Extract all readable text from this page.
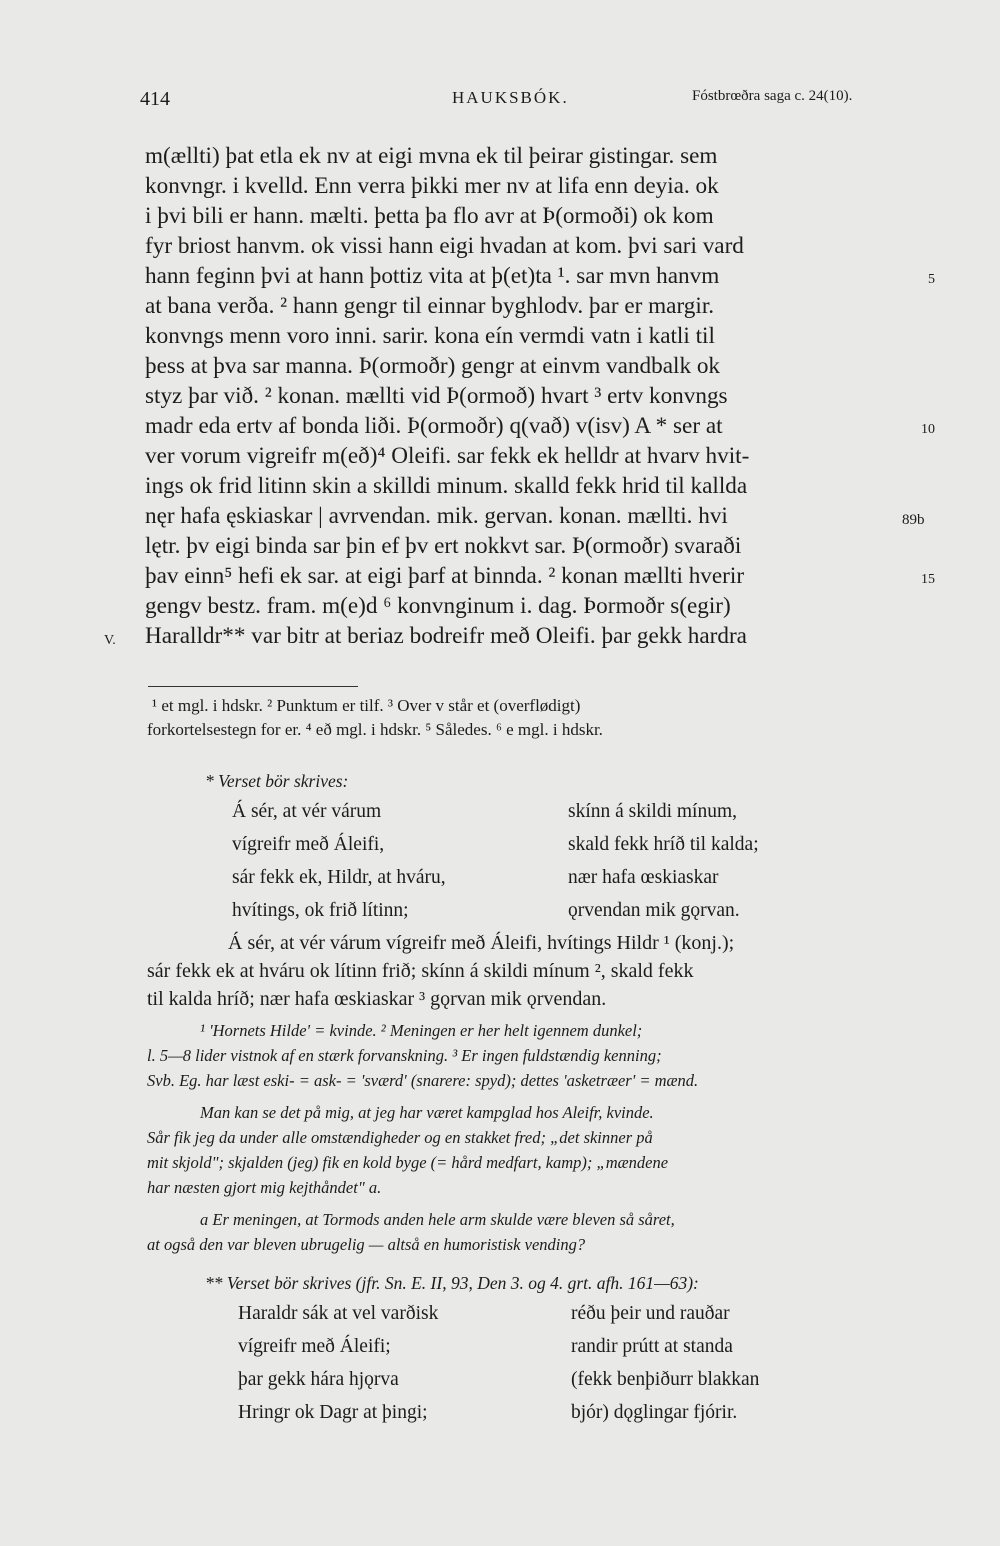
414	HAUKSBÓK.	Fóstbrœðra saga c. 24(10).
m(ællti) þat etla ek nv at eigi mvna ek til þeirar gistingar. sem
konvngr. i kvelld. Enn verra þikki mer nv at lifa enn deyia. ok
i þvi bili er hann. mælti. þetta þa flo avr at Þ(ormoði) ok kom
fyr briost hanvm. ok vissi hann eigi hvadan at kom. þvi sari vard
hann feginn þvi at hann þottiz vita at þ(et)ta ¹. sar mvn hanvm
at bana verða. ² hann gengr til einnar byghlodv. þar er margir.
konvngs menn voro inni. sarir. kona eín vermdi vatn i katli til
þess at þva sar manna. Þ(ormoðr) gengr at einvm vandbalk ok
styz þar við. ² konan. mællti vid Þ(ormoð) hvart ³ ertv konvngs
madr eda ertv af bonda liði. Þ(ormoðr) q(vað) v(isv) A * ser at
ver vorum vigreifr m(eð)⁴ Oleifi. sar fekk ek helldr at hvarv hvit-
ings ok frid litinn skin a skilldi minum. skalld fekk hrid til kallda
nęr hafa ęskiaskar | avrvendan. mik. gervan. konan. mællti. hvi
lętr. þv eigi binda sar þin ef þv ert nokkvt sar. Þ(ormoðr) svaraði
þav einn⁵ hefi ek sar. at eigi þarf at binnda. ² konan mællti hverir
gengv bestz. fram. m(e)d ⁶ konvnginum i. dag. Þormoðr s(egir)
Haralldr** var bitr at beriaz bodreifr með Oleifi. þar gekk hardra
5
10
15
89b
V.
¹ et mgl. i hdskr. ² Punktum er tilf. ³ Over v står et (overflødigt)
forkortelsestegn for er. ⁴ eð mgl. i hdskr. ⁵ Således. ⁶ e mgl. i hdskr.
* Verset bör skrives:
Á sér, at vér várum
vígreifr með Áleifi,
sár fekk ek, Hildr, at hváru,
hvítings, ok frið lítinn;
skínn á skildi mínum,
skald fekk hríð til kalda;
nær hafa œskiaskar
ǫrvendan mik gǫrvan.
Á sér, at vér várum vígreifr með Áleifi, hvítings Hildr ¹ (konj.);
sár fekk ek at hváru ok lítinn frið; skínn á skildi mínum ², skald fekk
til kalda hríð; nær hafa œskiaskar ³ gǫrvan mik ǫrvendan.
¹ 'Hornets Hilde' = kvinde. ² Meningen er her helt igennem dunkel;
l. 5—8 lider vistnok af en stærk forvanskning. ³ Er ingen fuldstændig kenning;
Svb. Eg. har læst eski- = ask- = 'sværd' (snarere: spyd); dettes 'asketræer' = mænd.
Man kan se det på mig, at jeg har været kampglad hos Aleifr, kvinde.
Sår fik jeg da under alle omstændigheder og en stakket fred; „det skinner på
mit skjold"; skjalden (jeg) fik en kold byge (= hård medfart, kamp); „mændene
har næsten gjort mig kejthåndet" a.
a Er meningen, at Tormods anden hele arm skulde være bleven så såret,
at også den var bleven ubrugelig — altså en humoristisk vending?
** Verset bör skrives (jfr. Sn. E. II, 93, Den 3. og 4. grt. afh. 161—63):
Haraldr sák at vel varðisk
vígreifr með Áleifi;
þar gekk hára hjǫrva
Hringr ok Dagr at þingi;
réðu þeir und rauðar
randir prútt at standa
(fekk benþiðurr blakkan
bjór) dǫglingar fjórir.
